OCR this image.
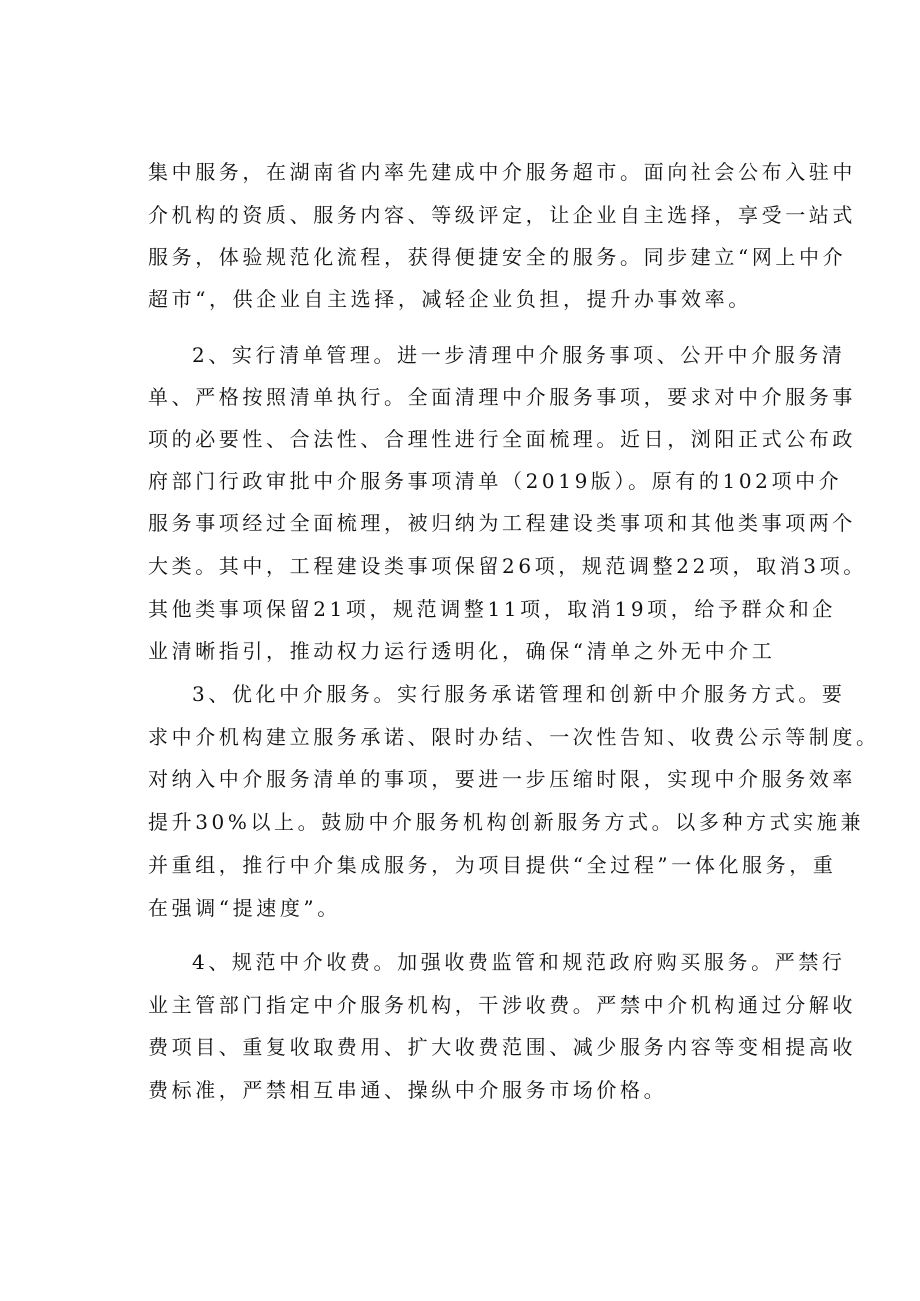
集中服务，在湖南省内率先建成中介服务超市。面向社会公布入驻中
介机构的资质、服务内容、等级评定，让企业自主选择，享受一站式
服务，体验规范化流程，获得便捷安全的服务。同步建立“网上中介
超市“，供企业自主选择，减轻企业负担，提升办事效率。
2、实行清单管理。进一步清理中介服务事项、公开中介服务清
单、严格按照清单执行。全面清理中介服务事项，要求对中介服务事
项的必要性、合法性、合理性进行全面梳理。近日，浏阳正式公布政
府部门行政审批中介服务事项清单（2019版）。原有的102项中介
服务事项经过全面梳理，被归纳为工程建设类事项和其他类事项两个
大类。其中，工程建设类事项保留26项，规范调整22项，取消3项。
其他类事项保留21项，规范调整11项，取消19项，给予群众和企
业清晰指引，推动权力运行透明化，确保“清单之外无中介工
3、优化中介服务。实行服务承诺管理和创新中介服务方式。要
求中介机构建立服务承诺、限时办结、一次性告知、收费公示等制度。
对纳入中介服务清单的事项，要进一步压缩时限，实现中介服务效率
提升30%以上。鼓励中介服务机构创新服务方式。以多种方式实施兼
并重组，推行中介集成服务，为项目提供“全过程”一体化服务，重
在强调“提速度”。
4、规范中介收费。加强收费监管和规范政府购买服务。严禁行
业主管部门指定中介服务机构，干涉收费。严禁中介机构通过分解收
费项目、重复收取费用、扩大收费范围、减少服务内容等变相提高收
费标准，严禁相互串通、操纵中介服务市场价格。
